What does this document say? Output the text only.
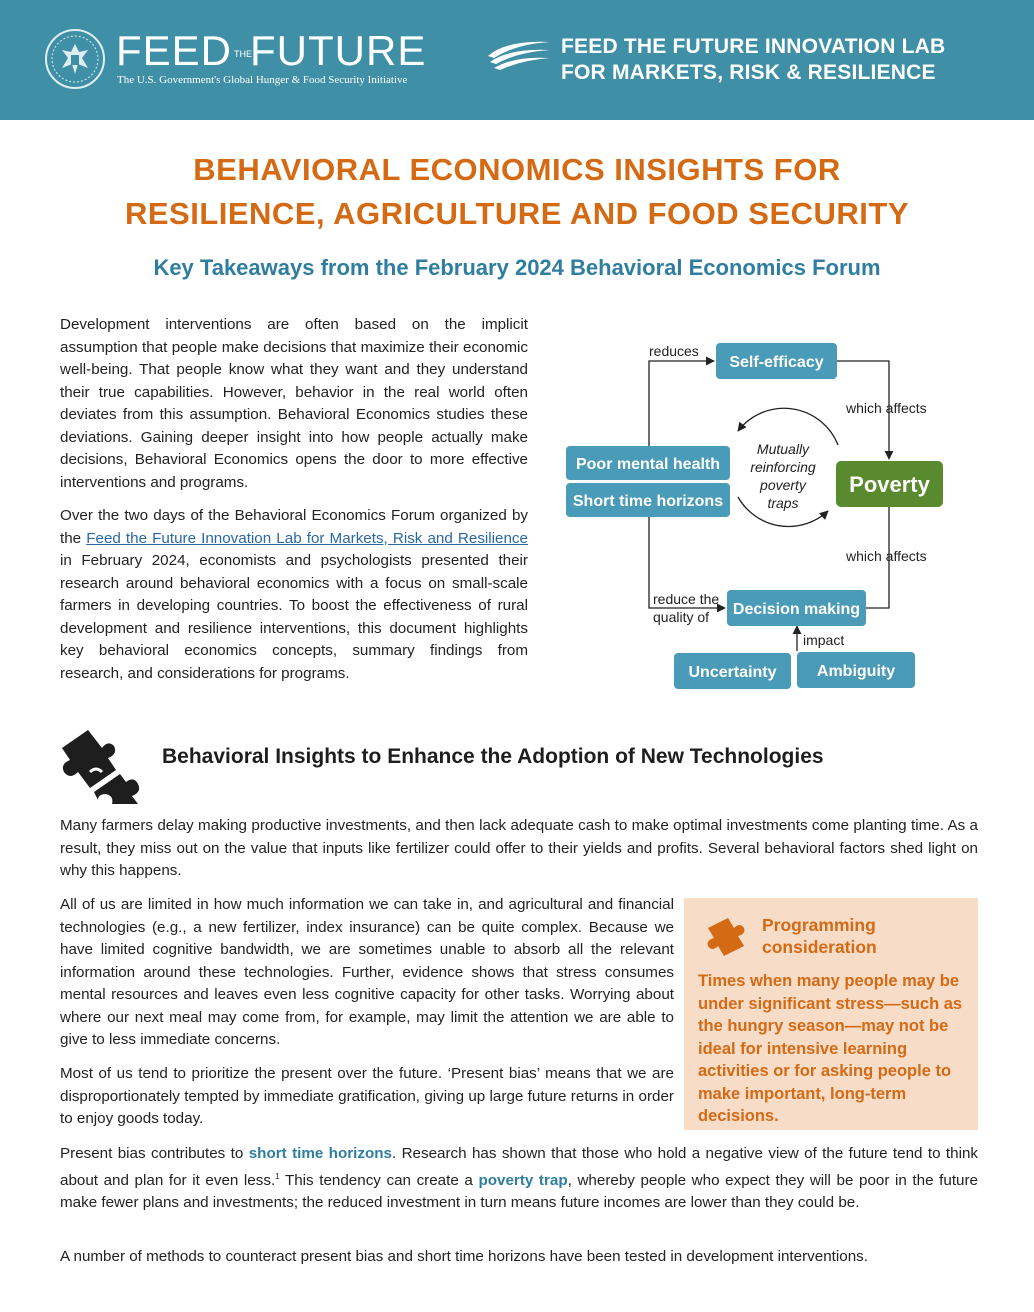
FEED THEFUTURE
The U.S. Government's Global Hunger & Food Security Initiative
FEED THE FUTURE INNOVATION LAB
FOR MARKETS, RISK & RESILIENCE
BEHAVIORAL ECONOMICS INSIGHTS FOR
RESILIENCE, AGRICULTURE AND FOOD SECURITY
Key Takeaways from the February 2024 Behavioral Economics Forum

Development interventions are often based on the implicit assumption that people make decisions that maximize their economic well-being. That people know what they want and they understand their true capabilities. However, behavior in the real world often deviates from this assumption. Behavioral Economics studies these deviations. Gaining deeper insight into how people actually make decisions, Behavioral Economics opens the door to more effective interventions and programs.

Over the two days of the Behavioral Economics Forum organized by the Feed the Future Innovation Lab for Markets, Risk and Resilience in February 2024, economists and psychologists presented their research around behavioral economics with a focus on small-scale farmers in developing countries. To boost the effectiveness of rural development and resilience interventions, this document highlights key behavioral economics concepts, summary findings from research, and considerations for programs.

Self-efficacy
Poor mental health
Short time horizons
Poverty
Decision making
Uncertainty	Ambiguity
reduces
which affects
which affects
reduce the
quality of
impact
Mutually
reinforcing
poverty
traps
Behavioral Insights to Enhance the Adoption of New Technologies

Many farmers delay making productive investments, and then lack adequate cash to make optimal investments come planting time. As a result, they miss out on the value that inputs like fertilizer could offer to their yields and profits. Several behavioral factors shed light on why this happens.

All of us are limited in how much information we can take in, and agricultural and financial technologies (e.g., a new fertilizer, index insurance) can be quite complex. Because we have limited cognitive bandwidth, we are sometimes unable to absorb all the relevant information around these technologies. Further, evidence shows that stress consumes mental resources and leaves even less cognitive capacity for other tasks. Worrying about where our next meal may come from, for example, may limit the attention we are able to give to less immediate concerns.

Most of us tend to prioritize the present over the future. ‘Present bias’ means that we are disproportionately tempted by immediate gratification, giving up large future returns in order to enjoy goods today.

Present bias contributes to short time horizons. Research has shown that those who hold a negative view of the future tend to think about and plan for it even less.$^1$ This tendency can create a poverty trap, whereby people who expect they will be poor in the future make fewer plans and investments; the reduced investment in turn means future incomes are lower than they could be.

A number of methods to counteract present bias and short time horizons have been tested in development interventions.

Programming
consideration
Times when many people may be under significant stress—such as the hungry season—may not be ideal for intensive learning activities or for asking people to make important, long-term decisions.
